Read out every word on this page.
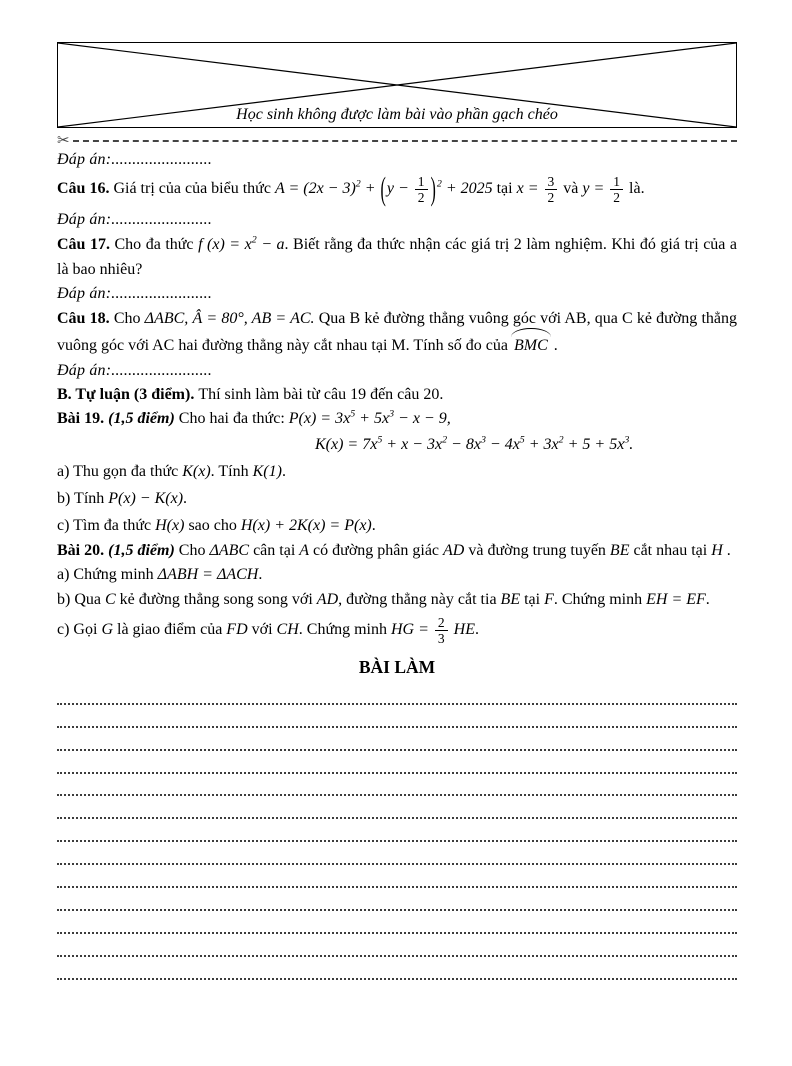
Học sinh không được làm bài vào phần gạch chéo
✂

Đáp án:........................

Câu 16. Giá trị của của biểu thức $A = (2x - 3)^2 + (y - \frac{1}{2} )^2 + 2025$ tại $x = \frac{3}{2}$ và $y = \frac{1}{2}$ là.

Đáp án:........................

Câu 17. Cho đa thức f $(x) = x^2 - a$. Biết rằng đa thức nhận các giá trị 2 làm nghiệm. Khi đó giá trị của a là bao nhiêu?

Đáp án:........................

Câu 18. Cho ΔABC, Â = 80°, AB = AC. Qua B kẻ đường thẳng vuông góc với AB, qua C kẻ đường thẳng vuông góc với AC hai đường thẳng này cắt nhau tại M. Tính số đo của BMC .

Đáp án:........................

B. Tự luận (3 điểm). Thí sinh làm bài từ câu 19 đến câu 20.

Bài 19. (1,5 điểm) Cho hai đa thức: $P(x) = 3x^5 + 5x^3 - x - 9$,

$K(x) = 7x^5 + x - 3x^2 - 8x^3 - 4x^5 + 3x^2 + 5 + 5x^3$.

a) Thu gọn đa thức K(x). Tính K(1).

b) Tính P(x) − K(x).

c) Tìm đa thức H(x) sao cho H(x) + 2K(x) = P(x).

Bài 20. (1,5 điểm) Cho ΔABC cân tại A có đường phân giác AD và đường trung tuyến BE cắt nhau tại H .

a) Chứng minh ΔABH = ΔACH.

b) Qua C kẻ đường thẳng song song với AD, đường thẳng này cắt tia BE tại F. Chứng minh EH = EF.

c) Gọi G là giao điểm của FD với CH. Chứng minh HG = $\frac{2}{3}$ HE.

BÀI LÀM
